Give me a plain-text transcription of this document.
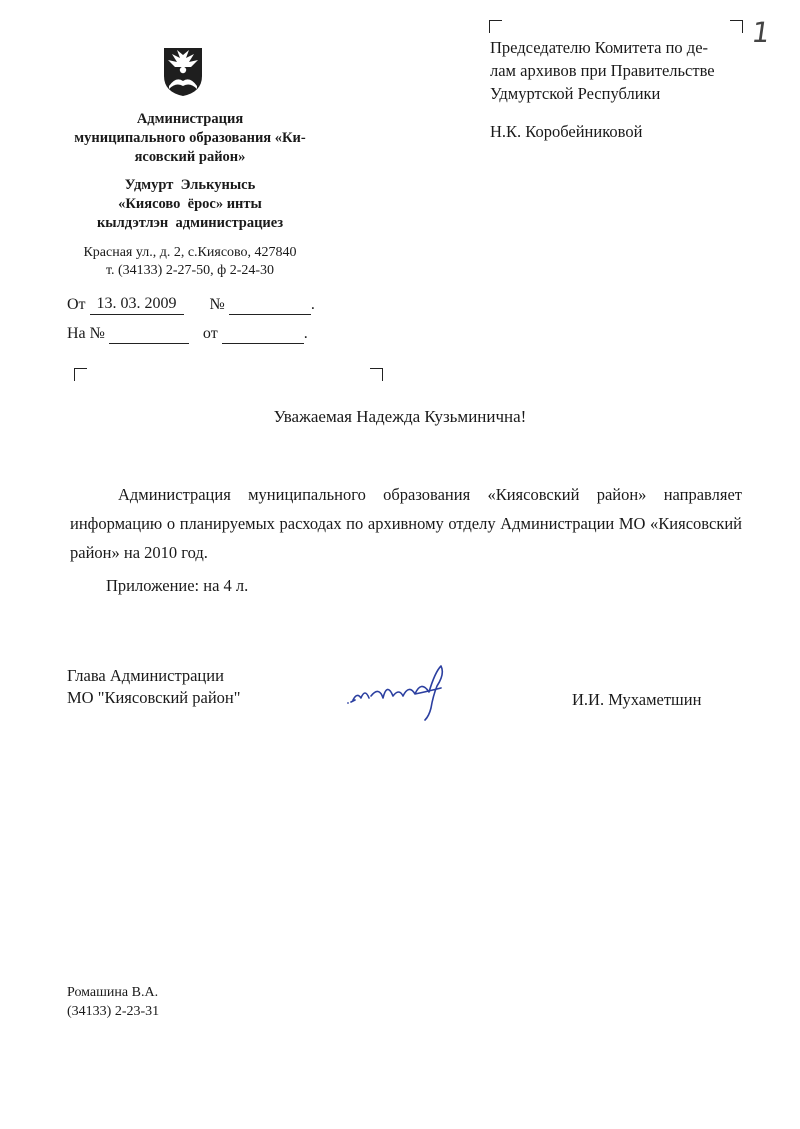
Администрация
муниципального образования «Ки-
ясовский район»
Удмурт  Элькунысь
«Киясово  ёрос» инты
кылдэтлэн  администрациез
Красная ул., д. 2, с.Киясово, 427840
т. (34133) 2-27-50, ф 2-24-30
От 13. 03. 2009 №	.
На №	от	.
Председателю Комитета по де-
лам архивов при Правительстве
Удмуртской Республики
Н.К. Коробейниковой
1
Уважаемая Надежда Кузьминична!

Администрация муниципального образования «Киясовский район» направляет информацию о планируемых расходах по архивному отделу Администрации МО «Киясовский район» на 2010 год.

Приложение: на 4 л.
Глава Администрации
МО "Киясовский район"	И.И. Мухаметшин
Ромашина В.А.
(34133) 2-23-31
